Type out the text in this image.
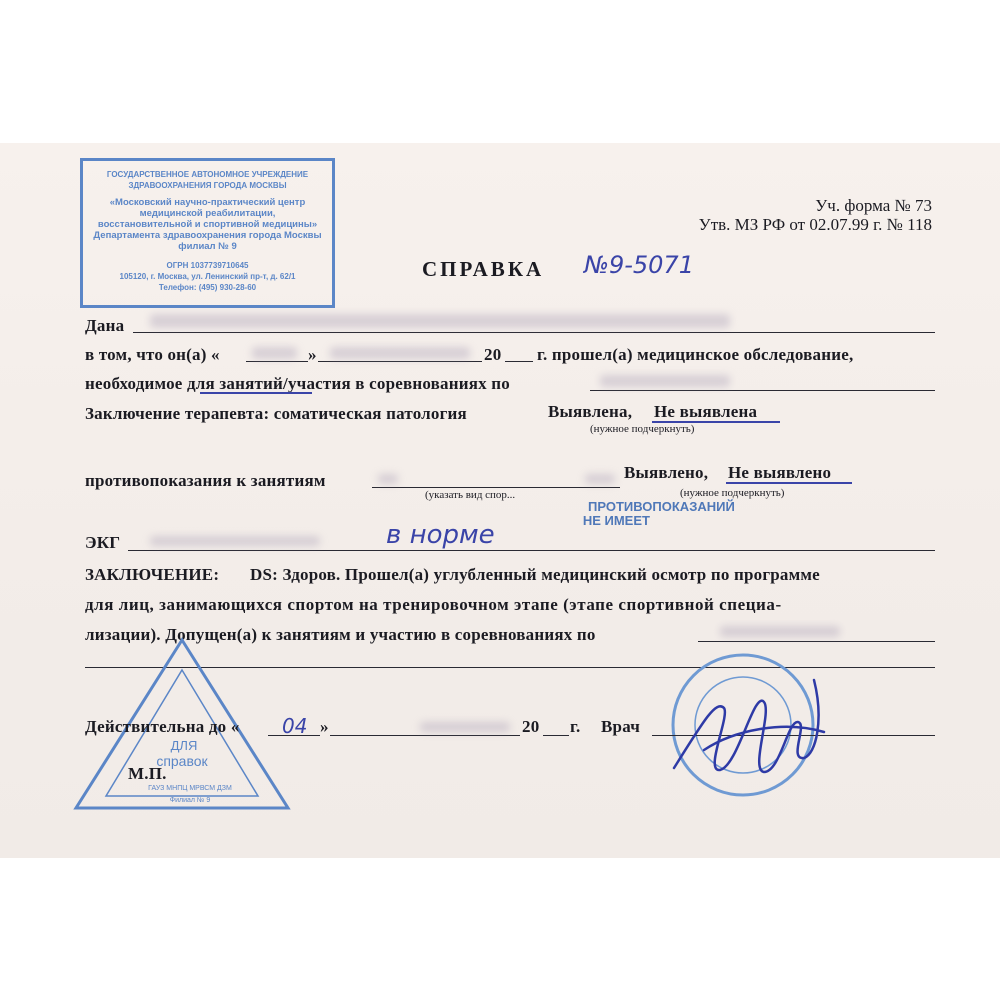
ГОСУДАРСТВЕННОЕ АВТОНОМНОЕ УЧРЕЖДЕНИЕ
ЗДРАВООХРАНЕНИЯ ГОРОДА МОСКВЫ
«Московский научно-практический центр
медицинской реабилитации,
восстановительной и спортивной медицины»
Департамента здравоохранения города Москвы
филиал № 9
ОГРН 1037739710645
105120, г. Москва, ул. Ленинский пр-т, д. 62/1
Телефон: (495) 930-28-60
Уч. форма № 73
Утв. МЗ РФ от 02.07.99 г. № 118
СПРАВКА №9-5071
Дана
в том, что он(а) «	»	20 г. прошел(а) медицинское обследование,
необходимое для занятий/участия в соревнованиях по
Заключение терапевта: соматическая патология	Выявлена, Не выявлена
(нужное подчеркнуть)
противопоказания к занятиям
(указать вид спор...
Выявлено, Не выявлено
(нужное подчеркнуть)
ПРОТИВОПОКАЗАНИЙ
НЕ ИМЕЕТ
ЭКГ	в норме
ЗАКЛЮЧЕНИЕ: DS: Здоров. Прошел(а) углубленный медицинский осмотр по программе
для лиц, занимающихся спортом на тренировочном этапе (этапе спортивной специа-
лизации). Допущен(а) к занятиям и участию в соревнованиях по
ДЛЯ
справок
ГАУЗ МНПЦ МРВСМ ДЗМ
Филиал № 9
Действительна до « 04 »	20 г. Врач
М.П.
